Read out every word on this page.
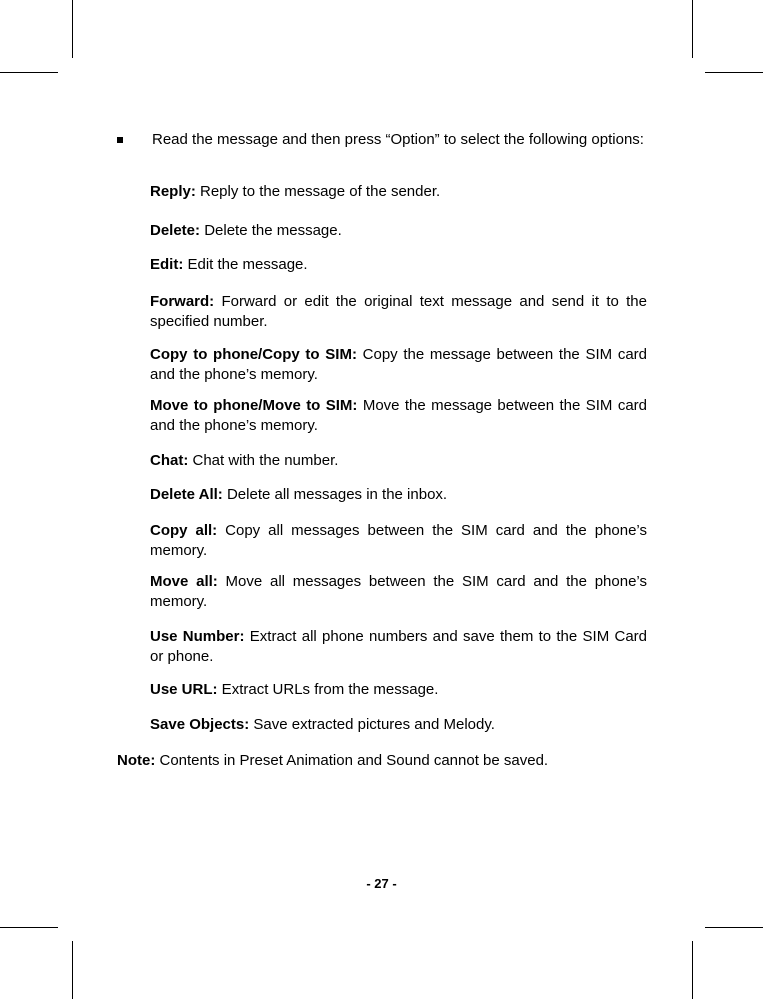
Read the message and then press “Option” to select the following options:
Reply: Reply to the message of the sender.
Delete: Delete the message.
Edit: Edit the message.
Forward: Forward or edit the original text message and send it to the specified number.
Copy to phone/Copy to SIM: Copy the message between the SIM card and the phone’s memory.
Move to phone/Move to SIM: Move the message between the SIM card and the phone’s memory.
Chat: Chat with the number.
Delete All: Delete all messages in the inbox.
Copy all: Copy all messages between the SIM card and the phone’s memory.
Move all: Move all messages between the SIM card and the phone’s memory.
Use Number: Extract all phone numbers and save them to the SIM Card or phone.
Use URL: Extract URLs from the message.
Save Objects: Save extracted pictures and Melody.
Note: Contents in Preset Animation and Sound cannot be saved.
- 27 -
